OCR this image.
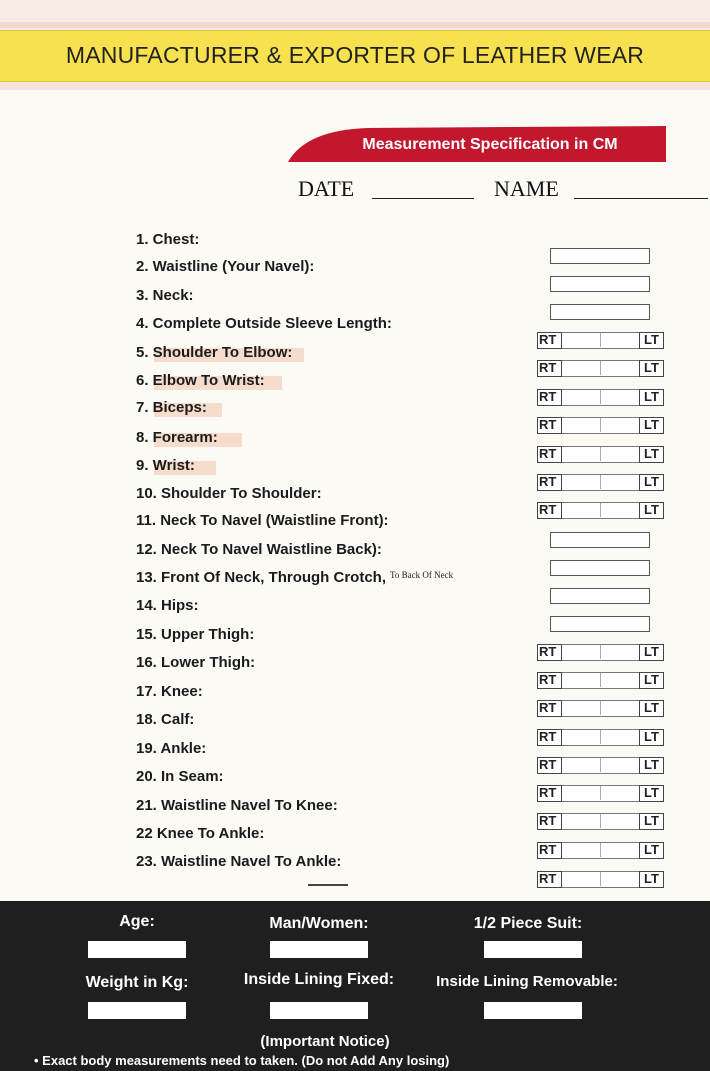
MANUFACTURER & EXPORTER OF LEATHER WEAR
Measurement Specification in CM
DATE	NAME
1. Chest:
2. Waistline (Your Navel):
3. Neck:
4. Complete Outside Sleeve Length:
RT	LT
5. Shoulder To Elbow:
RT	LT
6. Elbow To Wrist:
RT	LT
7. Biceps:
RT	LT
8. Forearm:
RT	LT
9. Wrist:
RT	LT
10. Shoulder To Shoulder:
RT	LT
11. Neck To Navel (Waistline Front):
12. Neck To Navel Waistline Back):
13. Front Of Neck, Through Crotch, $^{To Back Of Neck}$
14. Hips:
15. Upper Thigh:
RT	LT
16. Lower Thigh:
RT	LT
17. Knee:
RT	LT
18. Calf:
RT	LT
19. Ankle:
RT	LT
20. In Seam:
RT	LT
21. Waistline Navel To Knee:
RT	LT
22 Knee To Ankle:
RT	LT
23. Waistline Navel To Ankle:
RT	LT
Age:	Man/Women:	1/2 Piece Suit:
Weight in Kg:	Inside Lining Fixed:	Inside Lining Removable:
(Important Notice)
• Exact body measurements need to taken. (Do not Add Any losing)
